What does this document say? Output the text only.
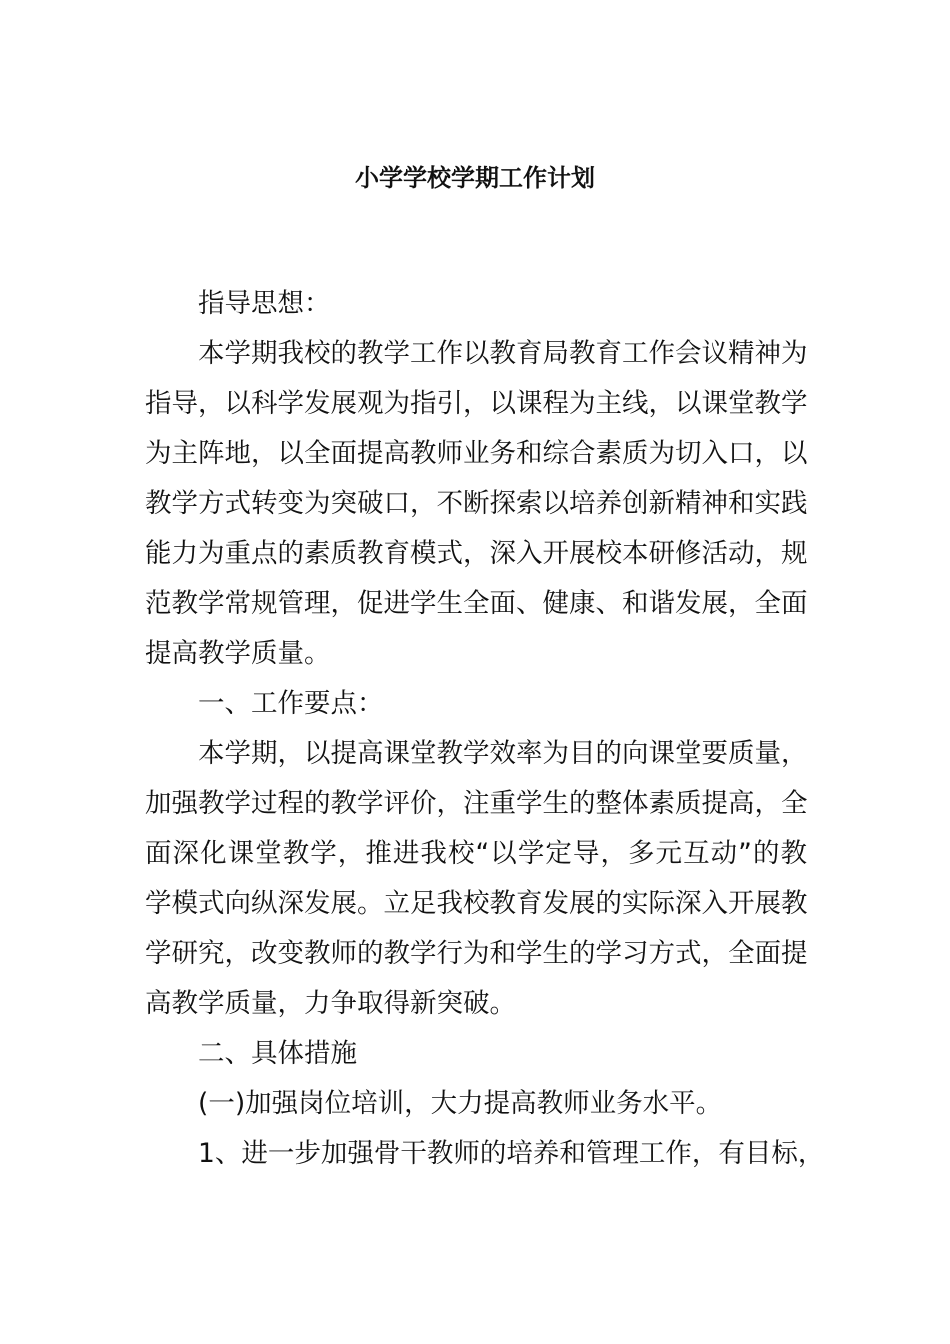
小学学校学期工作计划
指导思想：
本学期我校的教学工作以教育局教育工作会议精神为
指导，以科学发展观为指引，以课程为主线，以课堂教学
为主阵地，以全面提高教师业务和综合素质为切入口，以
教学方式转变为突破口，不断探索以培养创新精神和实践
能力为重点的素质教育模式，深入开展校本研修活动，规
范教学常规管理，促进学生全面、健康、和谐发展，全面
提高教学质量。
一、工作要点：
本学期，以提高课堂教学效率为目的向课堂要质量，
加强教学过程的教学评价，注重学生的整体素质提高，全
面深化课堂教学，推进我校“以学定导，多元互动”的教
学模式向纵深发展。立足我校教育发展的实际深入开展教
学研究，改变教师的教学行为和学生的学习方式，全面提
高教学质量，力争取得新突破。
二、具体措施
(一)加强岗位培训，大力提高教师业务水平。
1、进一步加强骨干教师的培养和管理工作，有目标，
